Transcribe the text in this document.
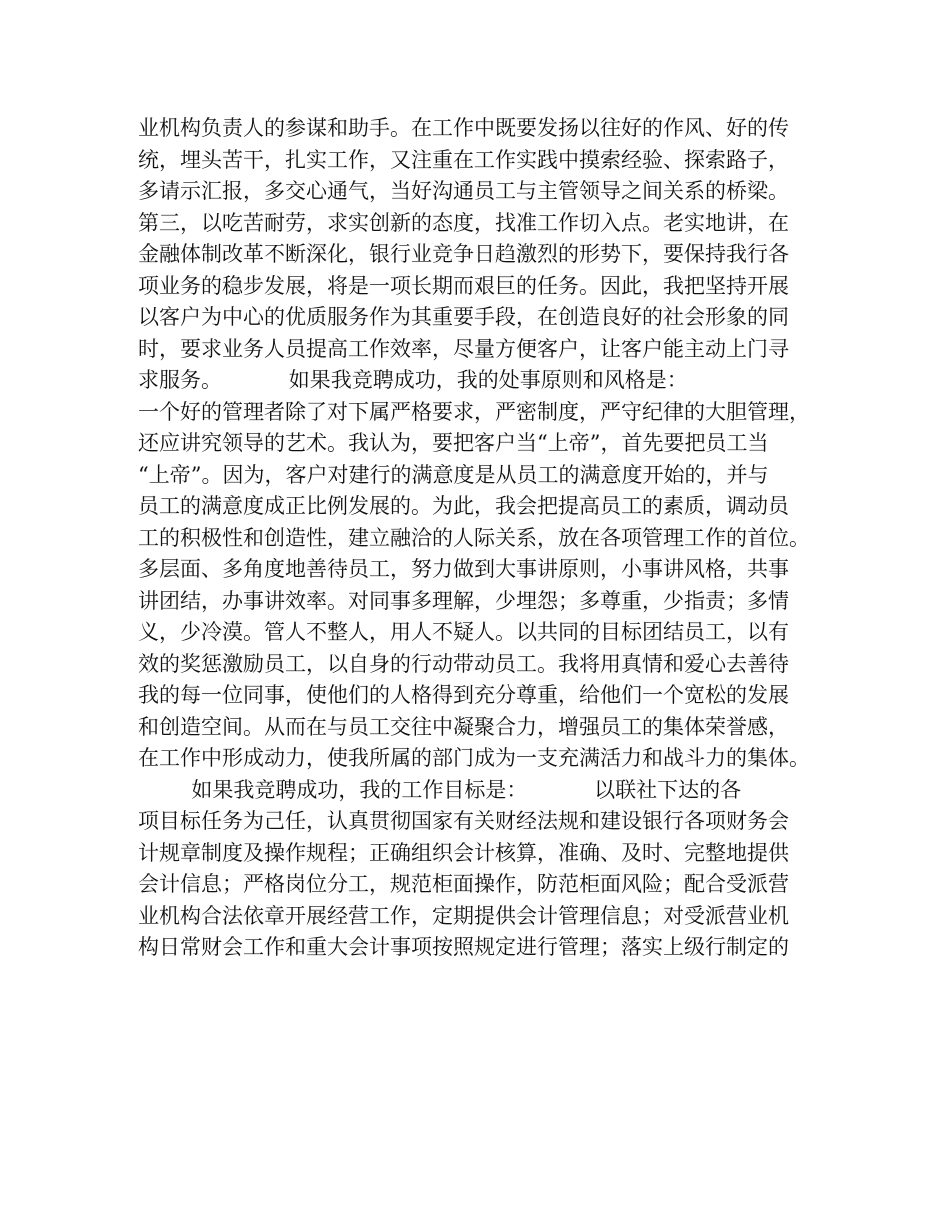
业机构负责人的参谋和助手。在工作中既要发扬以往好的作风、好的传
统，埋头苦干，扎实工作，又注重在工作实践中摸索经验、探索路子，
多请示汇报，多交心通气，当好沟通员工与主管领导之间关系的桥梁。
第三，以吃苦耐劳，求实创新的态度，找准工作切入点。老实地讲，在
金融体制改革不断深化，银行业竞争日趋激烈的形势下，要保持我行各
项业务的稳步发展，将是一项长期而艰巨的任务。因此，我把坚持开展
以客户为中心的优质服务作为其重要手段，在创造良好的社会形象的同
时，要求业务人员提高工作效率，尽量方便客户，让客户能主动上门寻
求服务。          如果我竞聘成功，我的处事原则和风格是：
一个好的管理者除了对下属严格要求，严密制度，严守纪律的大胆管理，
还应讲究领导的艺术。我认为，要把客户当“上帝”，首先要把员工当
“上帝”。因为，客户对建行的满意度是从员工的满意度开始的，并与
员工的满意度成正比例发展的。为此，我会把提高员工的素质，调动员
工的积极性和创造性，建立融洽的人际关系，放在各项管理工作的首位。
多层面、多角度地善待员工，努力做到大事讲原则，小事讲风格，共事
讲团结，办事讲效率。对同事多理解，少埋怨；多尊重，少指责；多情
义，少冷漠。管人不整人，用人不疑人。以共同的目标团结员工，以有
效的奖惩激励员工，以自身的行动带动员工。我将用真情和爱心去善待
我的每一位同事，使他们的人格得到充分尊重，给他们一个宽松的发展
和创造空间。从而在与员工交往中凝聚合力，增强员工的集体荣誉感，
在工作中形成动力，使我所属的部门成为一支充满活力和战斗力的集体。
如果我竞聘成功，我的工作目标是：          以联社下达的各
项目标任务为己任，认真贯彻国家有关财经法规和建设银行各项财务会
计规章制度及操作规程；正确组织会计核算，准确、及时、完整地提供
会计信息；严格岗位分工，规范柜面操作，防范柜面风险；配合受派营
业机构合法依章开展经营工作，定期提供会计管理信息；对受派营业机
构日常财会工作和重大会计事项按照规定进行管理；落实上级行制定的
